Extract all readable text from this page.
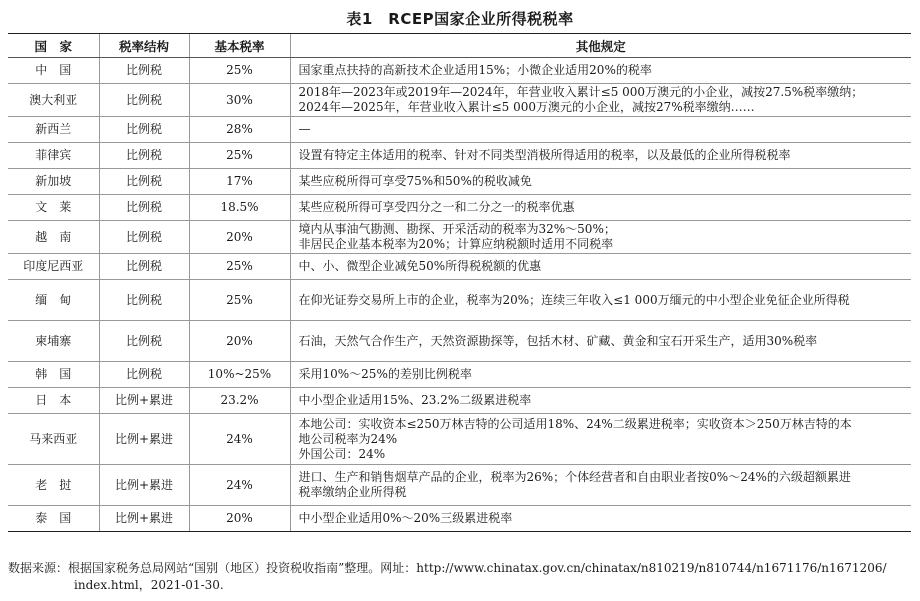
表1　RCEP国家企业所得税税率
国　家	税率结构	基本税率	其他规定
中　国	比例税	25%	国家重点扶持的高新技术企业适用15%；小微企业适用20%的税率

澳大利亚	比例税	30%	2018年—2023年或2019年—2024年，年营业收入累计≤5 000万澳元的小企业，减按27.5%税率缴纳；
2024年—2025年，年营业收入累计≤5 000万澳元的小企业，减按27%税率缴纳……

新西兰	比例税	28%	—

菲律宾	比例税	25%	设置有特定主体适用的税率、针对不同类型消极所得适用的税率，以及最低的企业所得税税率

新加坡	比例税	17%	某些应税所得可享受75%和50%的税收减免

文　莱	比例税	18.5%	某些应税所得可享受四分之一和二分之一的税率优惠

越　南	比例税	20%	境内从事油气勘测、勘探、开采活动的税率为32%～50%；
非居民企业基本税率为20%；计算应纳税额时适用不同税率

印度尼西亚	比例税	25%	中、小、微型企业减免50%所得税税额的优惠

缅　甸	比例税	25%	在仰光证券交易所上市的企业，税率为20%；连续三年收入≤1 000万缅元的中小型企业免征企业所得税

柬埔寨	比例税	20%	石油，天然气合作生产，天然资源勘探等，包括木材、矿藏、黄金和宝石开采生产，适用30%税率

韩　国	比例税	10%~25%	采用10%～25%的差别比例税率

日　本	比例+累进	23.2%	中小型企业适用15%、23.2%二级累进税率

马来西亚	比例+累进	24%	本地公司：实收资本≤250万林吉特的公司适用18%、24%二级累进税率；实收资本＞250万林吉特的本
地公司税率为24%
外国公司：24%

老　挝	比例+累进	24%	进口、生产和销售烟草产品的企业，税率为26%；个体经营者和自由职业者按0%～24%的六级超额累进
税率缴纳企业所得税

泰　国	比例+累进	20%	中小型企业适用0%～20%三级累进税率
数据来源：根据国家税务总局网站“国别（地区）投资税收指南”整理。网址：http://www.chinatax.gov.cn/chinatax/n810219/n810744/n1671176/n1671206/
index.html，2021-01-30.
